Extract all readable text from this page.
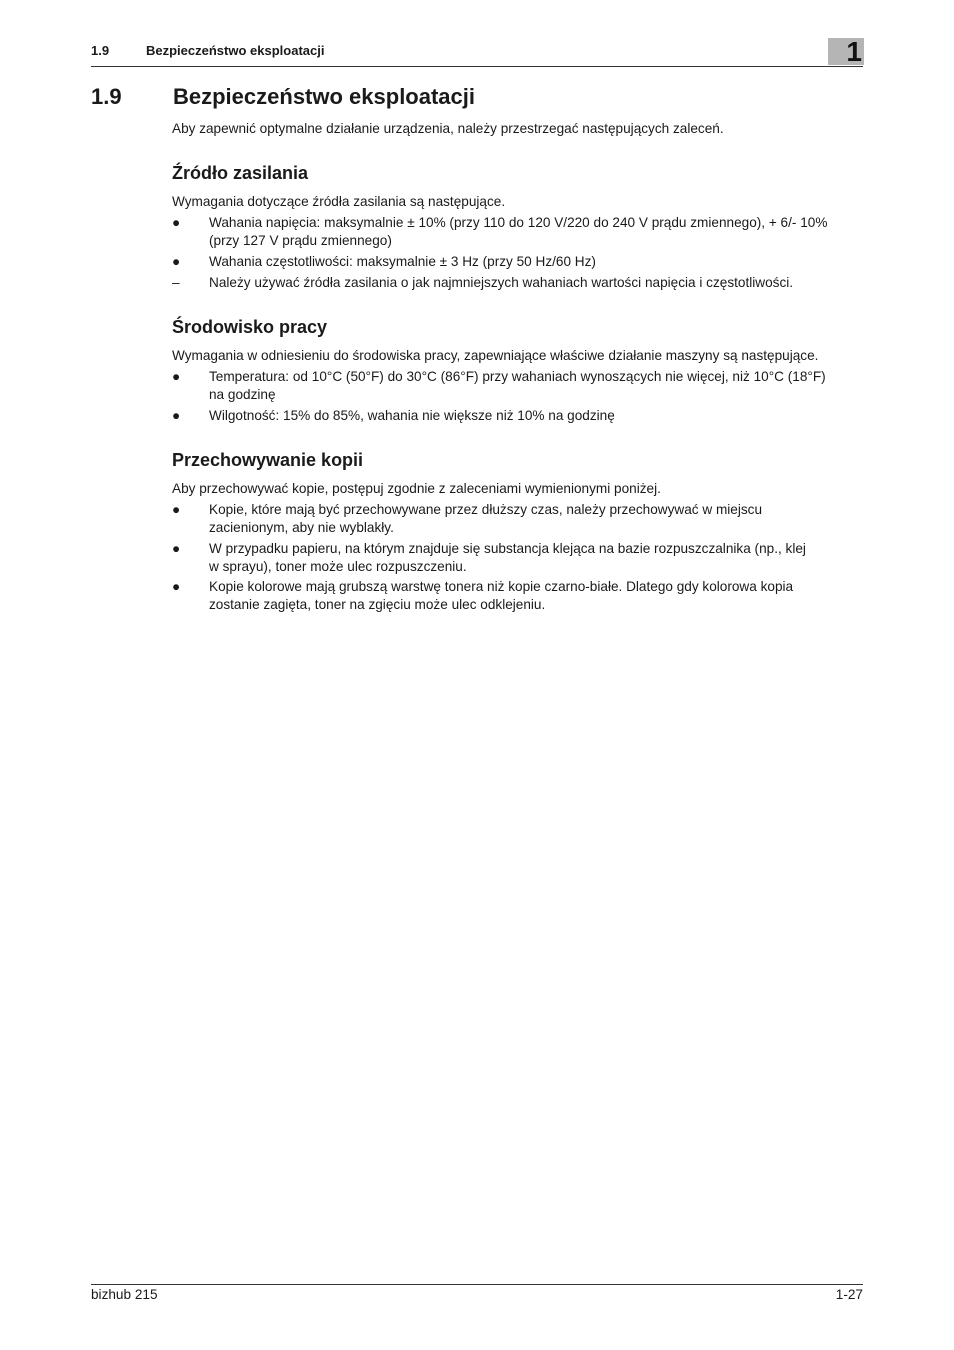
1.9	Bezpieczeństwo eksploatacji	1
1.9 Bezpieczeństwo eksploatacji
Aby zapewnić optymalne działanie urządzenia, należy przestrzegać następujących zaleceń.
Źródło zasilania
Wymagania dotyczące źródła zasilania są następujące.
●	Wahania napięcia: maksymalnie ± 10% (przy 110 do 120 V/220 do 240 V prądu zmiennego), + 6/- 10%
(przy 127 V prądu zmiennego)
●	Wahania częstotliwości: maksymalnie ± 3 Hz (przy 50 Hz/60 Hz)
–	Należy używać źródła zasilania o jak najmniejszych wahaniach wartości napięcia i częstotliwości.
Środowisko pracy
Wymagania w odniesieniu do środowiska pracy, zapewniające właściwe działanie maszyny są następujące.
●	Temperatura: od 10°C (50°F) do 30°C (86°F) przy wahaniach wynoszących nie więcej, niż 10°C (18°F)
na godzinę
●	Wilgotność: 15% do 85%, wahania nie większe niż 10% na godzinę
Przechowywanie kopii
Aby przechowywać kopie, postępuj zgodnie z zaleceniami wymienionymi poniżej.
●	Kopie, które mają być przechowywane przez dłuższy czas, należy przechowywać w miejscu
zacienionym, aby nie wyblakły.
●	W przypadku papieru, na którym znajduje się substancja klejąca na bazie rozpuszczalnika (np., klej
w sprayu), toner może ulec rozpuszczeniu.
●	Kopie kolorowe mają grubszą warstwę tonera niż kopie czarno-białe. Dlatego gdy kolorowa kopia
zostanie zagięta, toner na zgięciu może ulec odklejeniu.
bizhub 215	1-27
